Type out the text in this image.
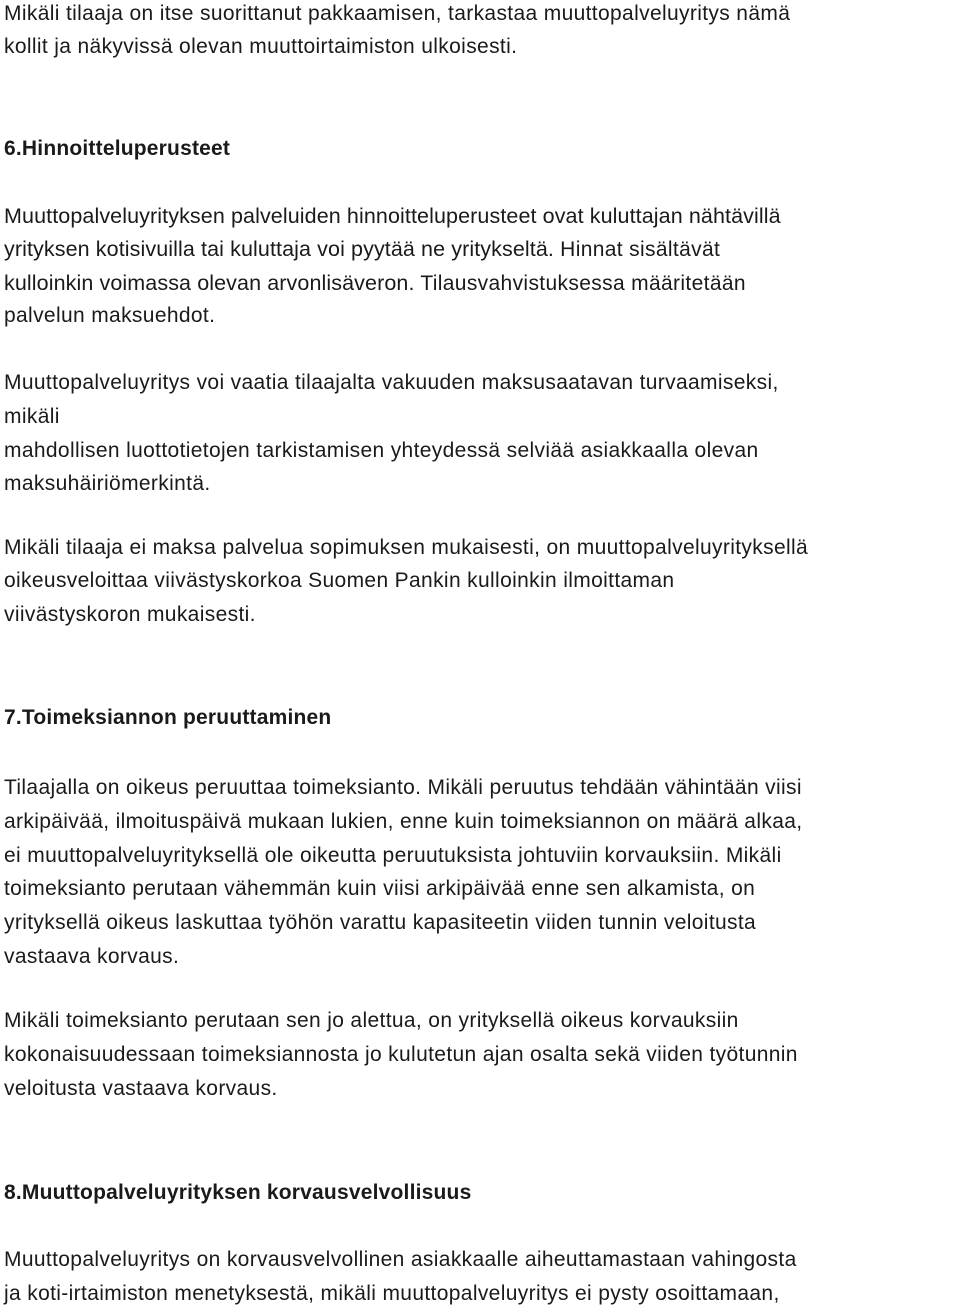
Mikäli tilaaja on itse suorittanut pakkaamisen, tarkastaa muuttopalveluyritys nämä
kollit ja näkyvissä olevan muuttoirtaimiston ulkoisesti.
6.Hinnoitteluperusteet
Muuttopalveluyrityksen palveluiden hinnoitteluperusteet ovat kuluttajan nähtävillä
yrityksen kotisivuilla tai kuluttaja voi pyytää ne yritykseltä. Hinnat sisältävät
kulloinkin voimassa olevan arvonlisäveron. Tilausvahvistuksessa määritetään
palvelun maksuehdot.
Muuttopalveluyritys voi vaatia tilaajalta vakuuden maksusaatavan turvaamiseksi,
mikäli
mahdollisen luottotietojen tarkistamisen yhteydessä selviää asiakkaalla olevan
maksuhäiriömerkintä.
Mikäli tilaaja ei maksa palvelua sopimuksen mukaisesti, on muuttopalveluyrityksellä
oikeusveloittaa viivästyskorkoa Suomen Pankin kulloinkin ilmoittaman
viivästyskoron mukaisesti.
7.Toimeksiannon peruuttaminen
Tilaajalla on oikeus peruuttaa toimeksianto. Mikäli peruutus tehdään vähintään viisi
arkipäivää, ilmoituspäivä mukaan lukien, enne kuin toimeksiannon on määrä alkaa,
ei muuttopalveluyrityksellä ole oikeutta peruutuksista johtuviin korvauksiin. Mikäli
toimeksianto perutaan vähemmän kuin viisi arkipäivää enne sen alkamista, on
yrityksellä oikeus laskuttaa työhön varattu kapasiteetin viiden tunnin veloitusta
vastaava korvaus.
Mikäli toimeksianto perutaan sen jo alettua, on yrityksellä oikeus korvauksiin
kokonaisuudessaan toimeksiannosta jo kulutetun ajan osalta sekä viiden työtunnin
veloitusta vastaava korvaus.
8.Muuttopalveluyrityksen korvausvelvollisuus
Muuttopalveluyritys on korvausvelvollinen asiakkaalle aiheuttamastaan vahingosta
ja koti-irtaimiston menetyksestä, mikäli muuttopalveluyritys ei pysty osoittamaan,
